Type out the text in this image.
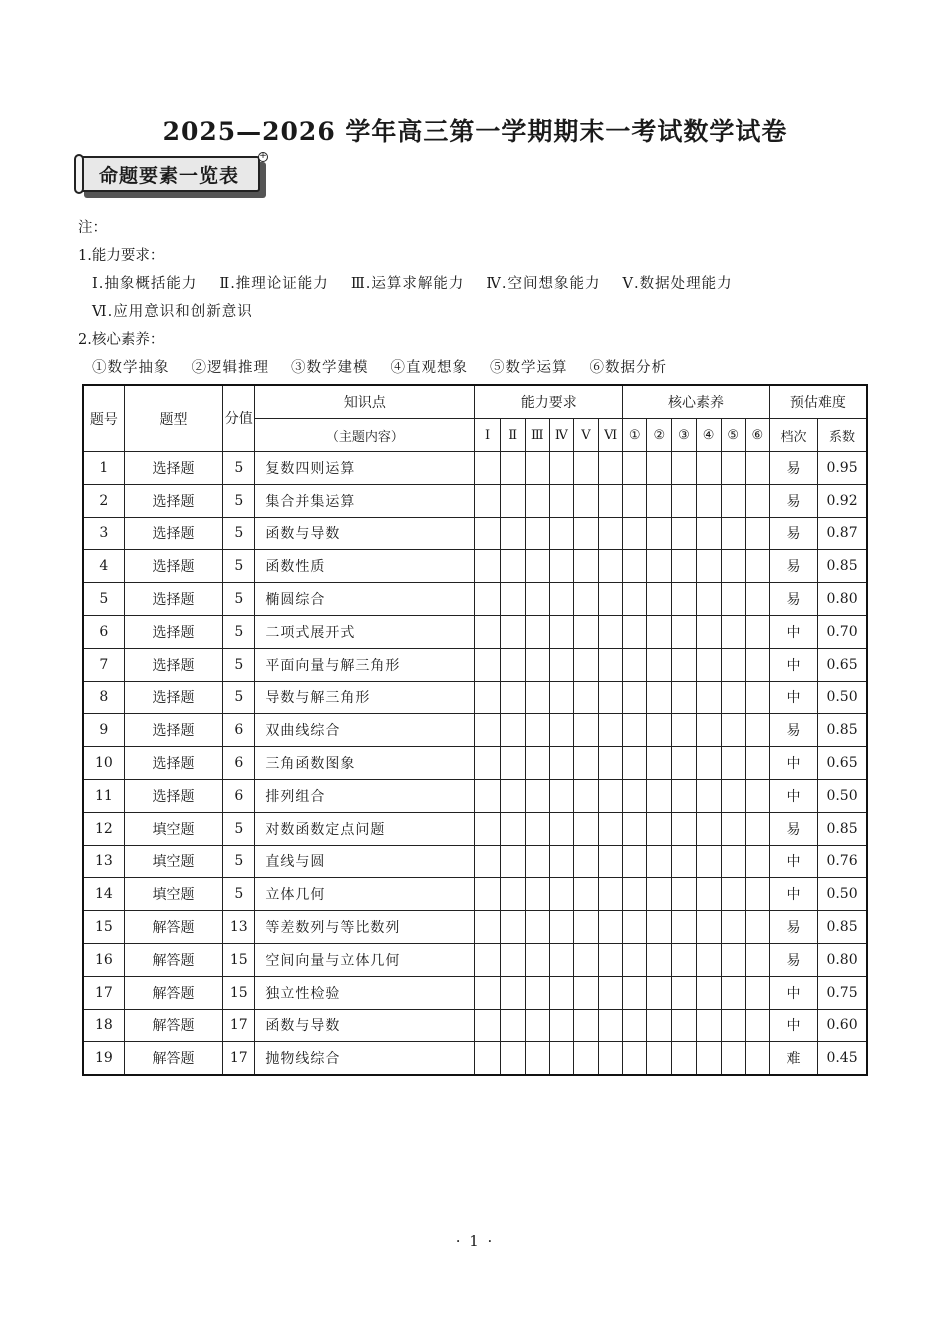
2025—2026 学年高三第一学期期末一考试数学试卷
命题要素一览表
+
注：
1.能力要求：
Ⅰ.抽象概括能力 Ⅱ.推理论证能力 Ⅲ.运算求解能力 Ⅳ.空间想象能力 Ⅴ.数据处理能力
Ⅵ.应用意识和创新意识
2.核心素养：
①数学抽象 ②逻辑推理 ③数学建模 ④直观想象 ⑤数学运算 ⑥数据分析
题号	题型	分值	知识点	能力要求						核心素养						预估难度	
			（主题内容）	Ⅰ	Ⅱ	Ⅲ	Ⅳ	Ⅴ	Ⅵ	①	②	③	④	⑤	⑥	档次	系数
1	选择题	5	复数四则运算													易	0.95
2	选择题	5	集合并集运算													易	0.92
3	选择题	5	函数与导数													易	0.87
4	选择题	5	函数性质													易	0.85
5	选择题	5	椭圆综合													易	0.80
6	选择题	5	二项式展开式													中	0.70
7	选择题	5	平面向量与解三角形													中	0.65
8	选择题	5	导数与解三角形													中	0.50
9	选择题	6	双曲线综合													易	0.85
10	选择题	6	三角函数图象													中	0.65
11	选择题	6	排列组合													中	0.50
12	填空题	5	对数函数定点问题													易	0.85
13	填空题	5	直线与圆													中	0.76
14	填空题	5	立体几何													中	0.50
15	解答题	13	等差数列与等比数列													易	0.85
16	解答题	15	空间向量与立体几何													易	0.80
17	解答题	15	独立性检验													中	0.75
18	解答题	17	函数与导数													中	0.60
19	解答题	17	抛物线综合													难	0.45
· 1 ·
